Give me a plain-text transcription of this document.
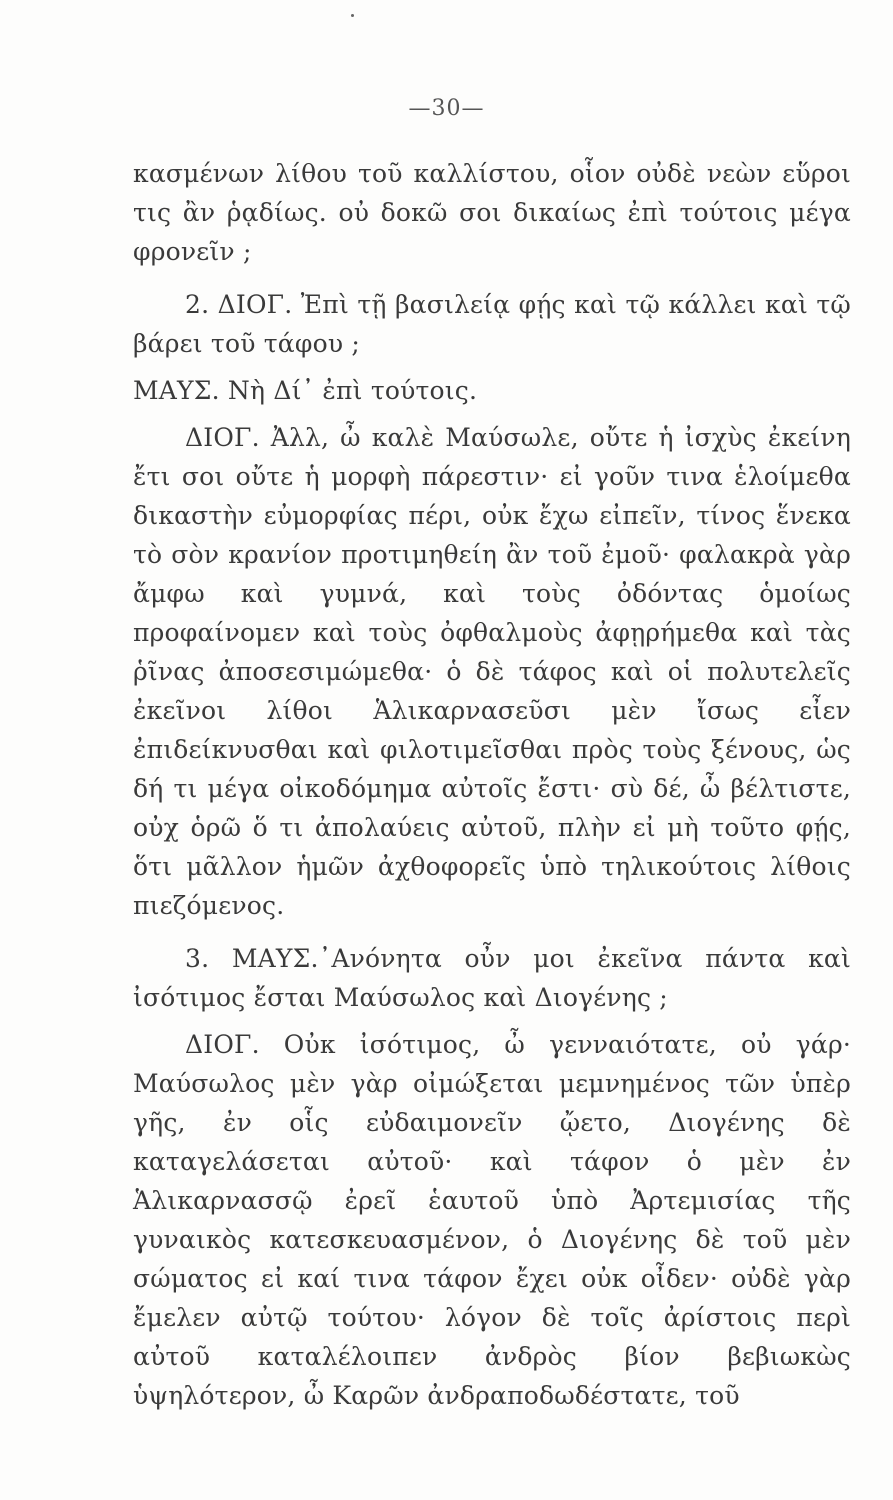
—30—

κασμένων λίθου τοῦ καλλίστου, οἷον οὐδὲ νεὼν εὕροι τις ἂν ῥᾳδίως. οὐ δοκῶ σοι δικαίως ἐπὶ τούτοις μέγα φρονεῖν ;

2. ΔΙΟΓ. Ἐπὶ τῇ βασιλείᾳ φῄς καὶ τῷ κάλλει καὶ τῷ βάρει τοῦ τάφου ;

ΜΑΥΣ. Νὴ Δί᾽ ἐπὶ τούτοις.

ΔΙΟΓ. Ἀλλ, ὦ καλὲ Μαύσωλε, οὔτε ἡ ἰσχὺς ἐκείνη ἔτι σοι οὔτε ἡ μορφὴ πάρεστιν· εἰ γοῦν τινα ἑλοίμεθα δικαστὴν εὐμορφίας πέρι, οὐκ ἔχω εἰπεῖν, τίνος ἕνεκα τὸ σὸν κρανίον προτιμηθείη ἂν τοῦ ἐμοῦ· φαλακρὰ γὰρ ἄμφω καὶ γυμνά, καὶ τοὺς ὀδόντας ὁμοίως προφαίνομεν καὶ τοὺς ὀφθαλμοὺς ἀφῃρήμεθα καὶ τὰς ῥῖνας ἀποσεσιμώμεθα· ὁ δὲ τάφος καὶ οἱ πολυτελεῖς ἐκεῖνοι λίθοι Ἁλικαρνασεῦσι μὲν ἴσως εἶεν ἐπιδείκνυσθαι καὶ φιλοτιμεῖσθαι πρὸς τοὺς ξένους, ὡς δή τι μέγα οἰκοδόμημα αὐτοῖς ἔστι· σὺ δέ, ὦ βέλτιστε, οὐχ ὁρῶ ὅ τι ἀπολαύεις αὐτοῦ, πλὴν εἰ μὴ τοῦτο φῄς, ὅτι μᾶλλον ἡμῶν ἀχθοφορεῖς ὑπὸ τηλικούτοις λίθοις πιεζόμενος.

3. ΜΑΥΣ.᾽Ανόνητα οὖν μοι ἐκεῖνα πάντα καὶ ἰσότιμος ἔσται Μαύσωλος καὶ Διογένης ;

ΔΙΟΓ. Οὐκ ἰσότιμος, ὦ γενναιότατε, οὐ γάρ· Μαύσωλος μὲν γὰρ οἰμώξεται μεμνημένος τῶν ὑπὲρ γῆς, ἐν οἷς εὐδαιμονεῖν ᾤετο, Διογένης δὲ καταγελάσεται αὐτοῦ· καὶ τάφον ὁ μὲν ἐν Ἁλικαρνασσῷ ἐρεῖ ἑαυτοῦ ὑπὸ Ἀρτεμισίας τῆς γυναικὸς κατεσκευασμένον, ὁ Διογένης δὲ τοῦ μὲν σώματος εἰ καί τινα τάφον ἔχει οὐκ οἶδεν· οὐδὲ γὰρ ἔμελεν αὐτῷ τούτου· λόγον δὲ τοῖς ἀρίστοις περὶ αὐτοῦ καταλέλοιπεν ἀνδρὸς βίον βεβιωκὼς ὑψηλότερον, ὦ Καρῶν ἀνδραποδωδέστατε, τοῦ
